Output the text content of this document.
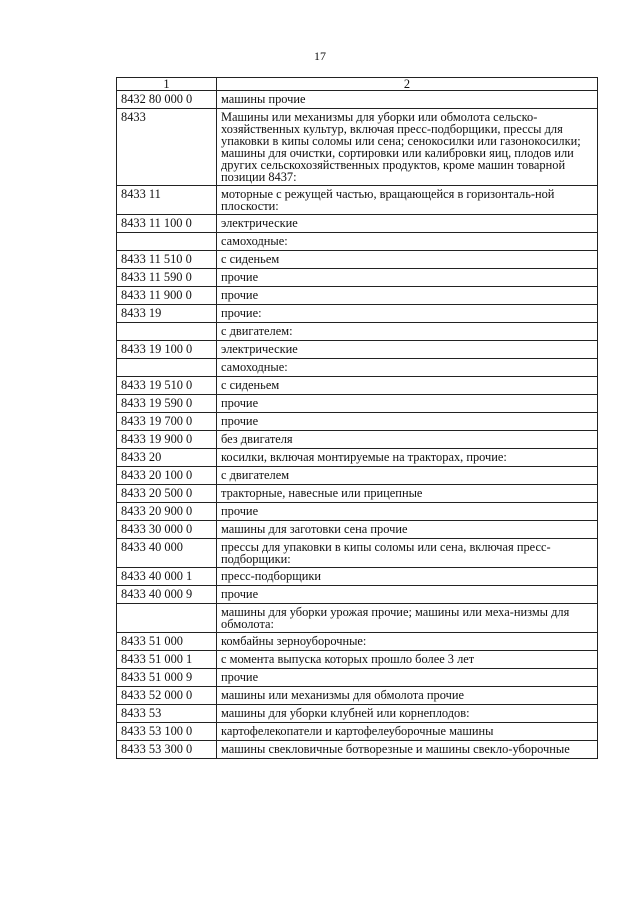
17
1	2
8432 80 000 0	машины прочие
8433	Машины или механизмы для уборки или обмолота сельско-хозяйственных культур, включая пресс-подборщики, прессы для упаковки в кипы соломы или сена; сенокосилки или газонокосилки; машины для очистки, сортировки или калибровки яиц, плодов или других сельскохозяйственных продуктов, кроме машин товарной позиции 8437:
8433 11	моторные с режущей частью, вращающейся в горизонталь-ной плоскости:
8433 11 100 0	электрические
	самоходные:
8433 11 510 0	с сиденьем
8433 11 590 0	прочие
8433 11 900 0	прочие
8433 19	прочие:
	с двигателем:
8433 19 100 0	электрические
	самоходные:
8433 19 510 0	с сиденьем
8433 19 590 0	прочие
8433 19 700 0	прочие
8433 19 900 0	без двигателя
8433 20	косилки, включая монтируемые на тракторах, прочие:
8433 20 100 0	с двигателем
8433 20 500 0	тракторные, навесные или прицепные
8433 20 900 0	прочие
8433 30 000 0	машины для заготовки сена прочие
8433 40 000	прессы для упаковки в кипы соломы или сена, включая пресс-подборщики:
8433 40 000 1	пресс-подборщики
8433 40 000 9	прочие
	машины для уборки урожая прочие; машины или меха-низмы для обмолота:
8433 51 000	комбайны зерноуборочные:
8433 51 000 1	с момента выпуска которых прошло более 3 лет
8433 51 000 9	прочие
8433 52 000 0	машины или механизмы для обмолота прочие
8433 53	машины для уборки клубней или корнеплодов:
8433 53 100 0	картофелекопатели и картофелеуборочные машины
8433 53 300 0	машины свекловичные ботворезные и машины свекло-уборочные
